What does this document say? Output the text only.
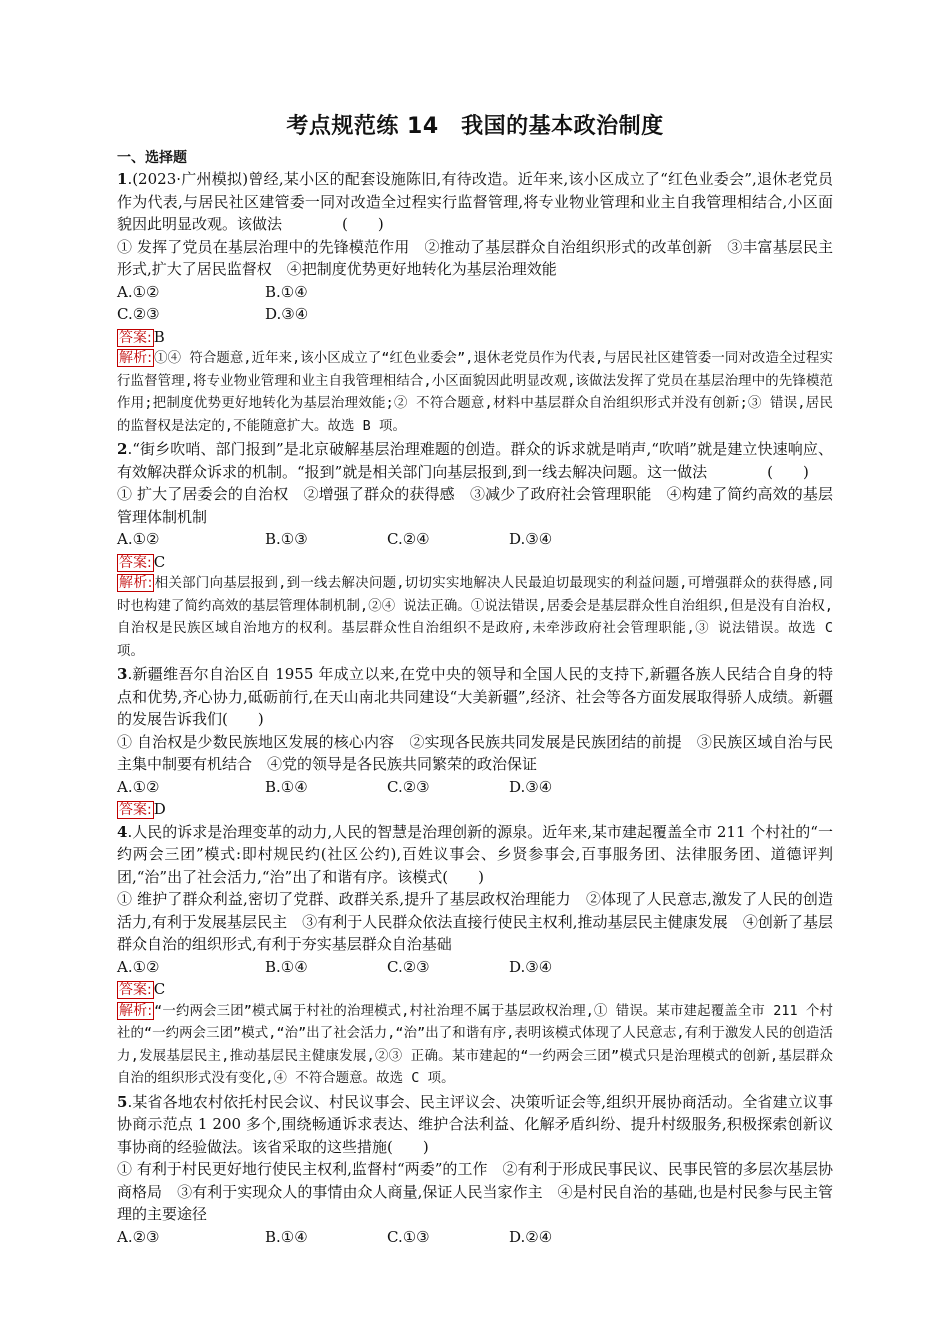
考点规范练 14　我国的基本政治制度
一、选择题

1.(2023·广州模拟)曾经,某小区的配套设施陈旧,有待改造。近年来,该小区成立了“红色业委会”,退休老党员作为代表,与居民社区建管委一同对改造全过程实行监督管理,将专业物业管理和业主自我管理相结合,小区面貌因此明显改观。该做法　　　　(　　)

① 发挥了党员在基层治理中的先锋模范作用　②推动了基层群众自治组织形式的改革创新　③丰富基层民主形式,扩大了居民监督权　④把制度优势更好地转化为基层治理效能

A.①②	B.①④
C.②③	D.③④

答案: B

解析: ①④ 符合题意,近年来,该小区成立了“红色业委会”,退休老党员作为代表,与居民社区建管委一同对改造全过程实行监督管理,将专业物业管理和业主自我管理相结合,小区面貌因此明显改观,该做法发挥了党员在基层治理中的先锋模范作用;把制度优势更好地转化为基层治理效能;② 不符合题意,材料中基层群众自治组织形式并没有创新;③ 错误,居民的监督权是法定的,不能随意扩大。故选 B 项。

2.“街乡吹哨、部门报到”是北京破解基层治理难题的创造。群众的诉求就是哨声,“吹哨”就是建立快速响应、有效解决群众诉求的机制。“报到”就是相关部门向基层报到,到一线去解决问题。这一做法　　　　(　　)

① 扩大了居委会的自治权　②增强了群众的获得感　③减少了政府社会管理职能　④构建了简约高效的基层管理体制机制

A.①②	B.①③	C.②④	D.③④

答案: C

解析: 相关部门向基层报到,到一线去解决问题,切切实实地解决人民最迫切最现实的利益问题,可增强群众的获得感,同时也构建了简约高效的基层管理体制机制,②④ 说法正确。①说法错误,居委会是基层群众性自治组织,但是没有自治权,自治权是民族区域自治地方的权利。基层群众性自治组织不是政府,未牵涉政府社会管理职能,③ 说法错误。故选 C 项。

3.新疆维吾尔自治区自 1955 年成立以来,在党中央的领导和全国人民的支持下,新疆各族人民结合自身的特点和优势,齐心协力,砥砺前行,在天山南北共同建设“大美新疆”,经济、社会等各方面发展取得骄人成绩。新疆的发展告诉我们(　　)

① 自治权是少数民族地区发展的核心内容　②实现各民族共同发展是民族团结的前提　③民族区域自治与民主集中制要有机结合　④党的领导是各民族共同繁荣的政治保证

A.①②	B.①④	C.②③	D.③④

答案: D

4.人民的诉求是治理变革的动力,人民的智慧是治理创新的源泉。近年来,某市建起覆盖全市 211 个村社的“一约两会三团”模式:即村规民约(社区公约),百姓议事会、乡贤参事会,百事服务团、法律服务团、道德评判团,“治”出了社会活力,“治”出了和谐有序。该模式(　　)

① 维护了群众利益,密切了党群、政群关系,提升了基层政权治理能力　②体现了人民意志,激发了人民的创造活力,有利于发展基层民主　③有利于人民群众依法直接行使民主权利,推动基层民主健康发展　④创新了基层群众自治的组织形式,有利于夯实基层群众自治基础

A.①②	B.①④	C.②③	D.③④

答案: C

解析: “一约两会三团”模式属于村社的治理模式,村社治理不属于基层政权治理,① 错误。某市建起覆盖全市 211 个村社的“一约两会三团”模式,“治”出了社会活力,“治”出了和谐有序,表明该模式体现了人民意志,有利于激发人民的创造活力,发展基层民主,推动基层民主健康发展,②③ 正确。某市建起的“一约两会三团”模式只是治理模式的创新,基层群众自治的组织形式没有变化,④ 不符合题意。故选 C 项。

5.某省各地农村依托村民会议、村民议事会、民主评议会、决策听证会等,组织开展协商活动。全省建立议事协商示范点 1 200 多个,围绕畅通诉求表达、维护合法利益、化解矛盾纠纷、提升村级服务,积极探索创新议事协商的经验做法。该省采取的这些措施(　　)

① 有利于村民更好地行使民主权利,监督村“两委”的工作　②有利于形成民事民议、民事民管的多层次基层协商格局　③有利于实现众人的事情由众人商量,保证人民当家作主　④是村民自治的基础,也是村民参与民主管理的主要途径

A.②③	B.①④	C.①③	D.②④
